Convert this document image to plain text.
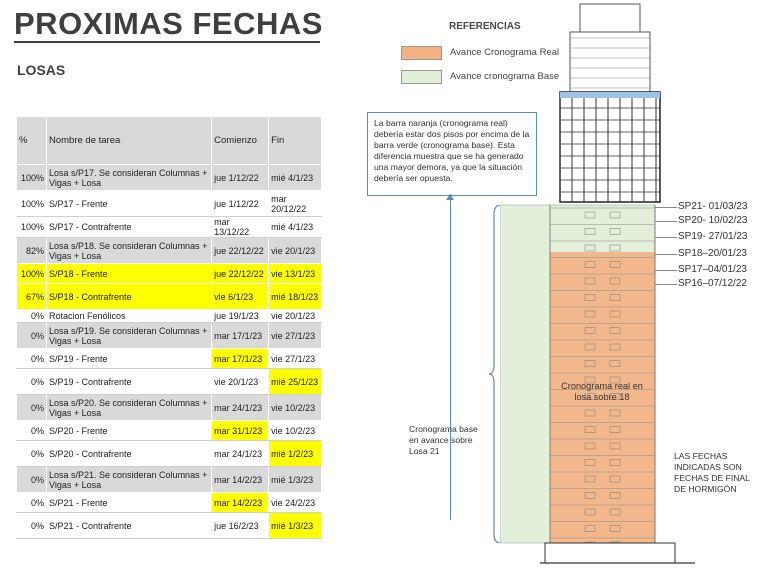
PROXIMAS FECHAS
LOSAS
%	Nombre de tarea	Comienzo	Fin
100%	Losa s/P17. Se consideran Columnas + Vigas + Losa	jue 1/12/22	mié 4/1/23
100%	S/P17 - Frente	jue 1/12/22	mar 20/12/22
100%	S/P17 - Contrafrente	mar 13/12/22	mié 4/1/23
82%	Losa s/P18. Se consideran Columnas + Vigas + Losa	jue 22/12/22	vie 20/1/23
100%	S/P18 - Frente	jue 22/12/22	vie 13/1/23
67%	S/P18 - Contrafrente	vie 6/1/23	mié 18/1/23
0%	Rotacion Fenólicos	jue 19/1/23	vie 20/1/23
0%	Losa s/P19. Se consideran Columnas + Vigas + Losa	mar 17/1/23	vie 27/1/23
0%	S/P19 - Frente	mar 17/1/23	vie 27/1/23
0%	S/P19 - Contrafrente	vie 20/1/23	mié 25/1/23
0%	Losa s/P20. Se consideran Columnas + Vigas + Losa	mar 24/1/23	vie 10/2/23
0%	S/P20 - Frente	mar 31/1/23	vie 10/2/23
0%	S/P20 - Contrafrente	mar 24/1/23	mié 1/2/23
0%	Losa s/P21. Se consideran Columnas + Vigas + Losa	mar 14/2/23	mié 1/3/23
0%	S/P21 - Frente	mar 14/2/23	vie 24/2/23
0%	S/P21 - Contrafrente	jue 16/2/23	mié 1/3/23
REFERENCIAS
Avance Cronograma Real
Avance cronograma Base
La barra naranja (cronograma real) debería estar dos pisos por encima de la barra verde (cronograma base). Esta diferencia muestra que se ha generado una mayor demora, ya que la situación debería ser opuesta.
Cronograma base
en avance sobre
Losa 21
Cronograma real en
losa sobre 18
SP21- 01/03/23
SP20- 10/02/23
SP19- 27/01/23
SP18–20/01/23
SP17–04/01/23
SP16–07/12/22
LAS FECHAS
INDICADAS SON
FECHAS DE FINAL
DE HORMIGÓN
